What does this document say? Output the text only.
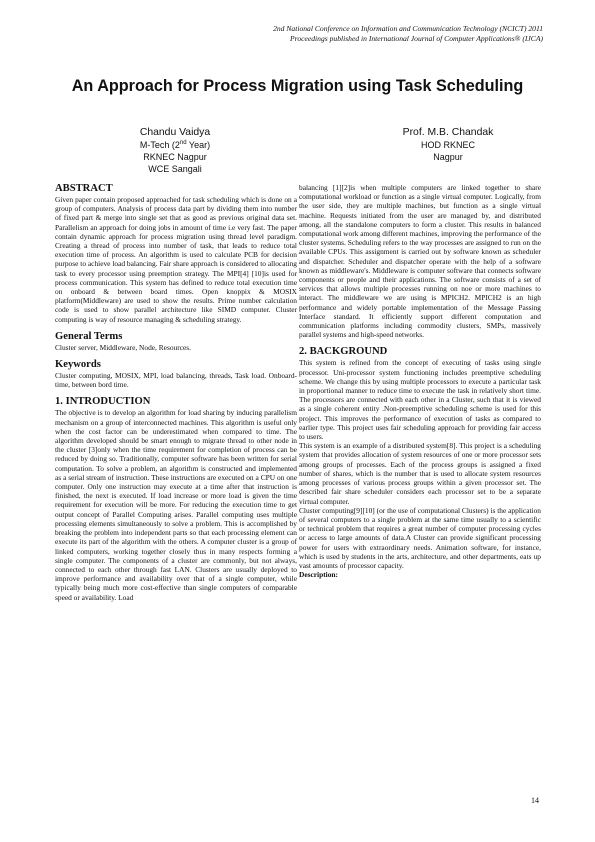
2nd National Conference on Information and Communication Technology (NCICT) 2011
Proceedings published in International Journal of Computer Applications® (IJCA)
An Approach for Process Migration using Task Scheduling
Chandu Vaidya
M-Tech (2nd Year)
RKNEC Nagpur
WCE Sangali
Prof. M.B. Chandak
HOD RKNEC
Nagpur
ABSTRACT

Given paper contain proposed approached for task scheduling which is done on a group of computers. Analysis of process data part by dividing them into number of fixed part & merge into single set that as good as previous original data set. Parallelism an approach for doing jobs in amount of time i.e very fast. The paper contain dynamic approach for process migration using thread level paradigm. Creating a thread of process into number of task, that leads to reduce total execution time of process. An algorithm is used to calculate PCB for decision purpose to achieve load balancing. Fair share approach is considered to allocating task to every processor using preemption strategy. The MPI[4] [10]is used for process communication. This system has defined to reduce total execution time on onboard & between board times. Open knoppix & MOSIX platform(Middleware) are used to show the results. Prime number calculation code is used to show parallel architecture like SIMD computer. Cluster computing is way of resource managing & scheduling strategy.

General Terms

Cluster server, Middleware, Node, Resources.

Keywords

Cluster computing, MOSIX, MPI, load balancing, threads, Task load. Onboard-time, between bord time.

1. INTRODUCTION

The objective is to develop an algorithm for load sharing by inducing parallelism mechanism on a group of interconnected machines. This algorithm is useful only when the cost factor can be underestimated when compared to time. The algorithm developed should be smart enough to migrate thread to other node in the cluster [3]only when the time requirement for completion of process can be reduced by doing so. Traditionally, computer software has been written for serial computation. To solve a problem, an algorithm is constructed and implemented as a serial stream of instruction. These instructions are executed on a CPU on one computer. Only one instruction may execute at a time after that instruction is finished, the next is executed. If load increase or more load is given the time requirement for execution will be more. For reducing the execution time to get output concept of Parallel Computing arises. Parallel computing uses multiple processing elements simultaneously to solve a problem. This is accomplished by breaking the problem into independent parts so that each processing element can execute its part of the algorithm with the others. A computer cluster is a group of linked computers, working together closely thus in many respects forming a single computer. The components of a cluster are commonly, but not always, connected to each other through fast LAN. Clusters are usually deployed to improve performance and availability over that of a single computer, while typically being much more cost-effective than single computers of comparable speed or availability. Load

balancing [1][2]is when multiple computers are linked together to share computational workload or function as a single virtual computer. Logically, from the user side, they are multiple machines, but function as a single virtual machine. Requests initiated from the user are managed by, and distributed among, all the standalone computers to form a cluster. This results in balanced computational work among different machines, improving the performance of the cluster systems. Scheduling refers to the way processes are assigned to run on the available CPUs. This assignment is carried out by software known as scheduler and dispatcher. Scheduler and dispatcher operate with the help of a software known as middleware's. Middleware is computer software that connects software components or people and their applications. The software consists of a set of services that allows multiple processes running on noe or more machines to interact. The middleware we are using is MPICH2. MPICH2 is an high performance and widely portable implementation of the Message Passing Interface standard. It efficiently support different computation and communication platforms including commodity clusters, SMPs, massively parallel systems and high-speed networks.

2. BACKGROUND

This system is refined from the concept of executing of tasks using single processor. Uni-processor system functioning includes preemptive scheduling scheme. We change this by using multiple processors to execute a particular task in proportional manner to reduce time to execute the task in relatively short time. The processors are connected with each other in a Cluster, such that it is viewed as a single coherent entity .Non-preemptive scheduling scheme is used for this project. This improves the performance of execution of tasks as compared to earlier type. This project uses fair scheduling approach for providing fair access to users.

This system is an example of a distributed system[8]. This project is a scheduling system that provides allocation of system resources of one or more processor sets among groups of processes. Each of the process groups is assigned a fixed number of shares, which is the number that is used to allocate system resources among processes of various process groups within a given processor set. The described fair share scheduler considers each processor set to be a separate virtual computer.

Cluster computing[9][10] (or the use of computational Clusters) is the application of several computers to a single problem at the same time usually to a scientific or technical problem that requires a great number of computer processing cycles or access to large amounts of data.A Cluster can provide significant processing power for users with extraordinary needs. Animation software, for instance, which is used by students in the arts, architecture, and other departments, eats up vast amounts of processor capacity.

Description:

14
